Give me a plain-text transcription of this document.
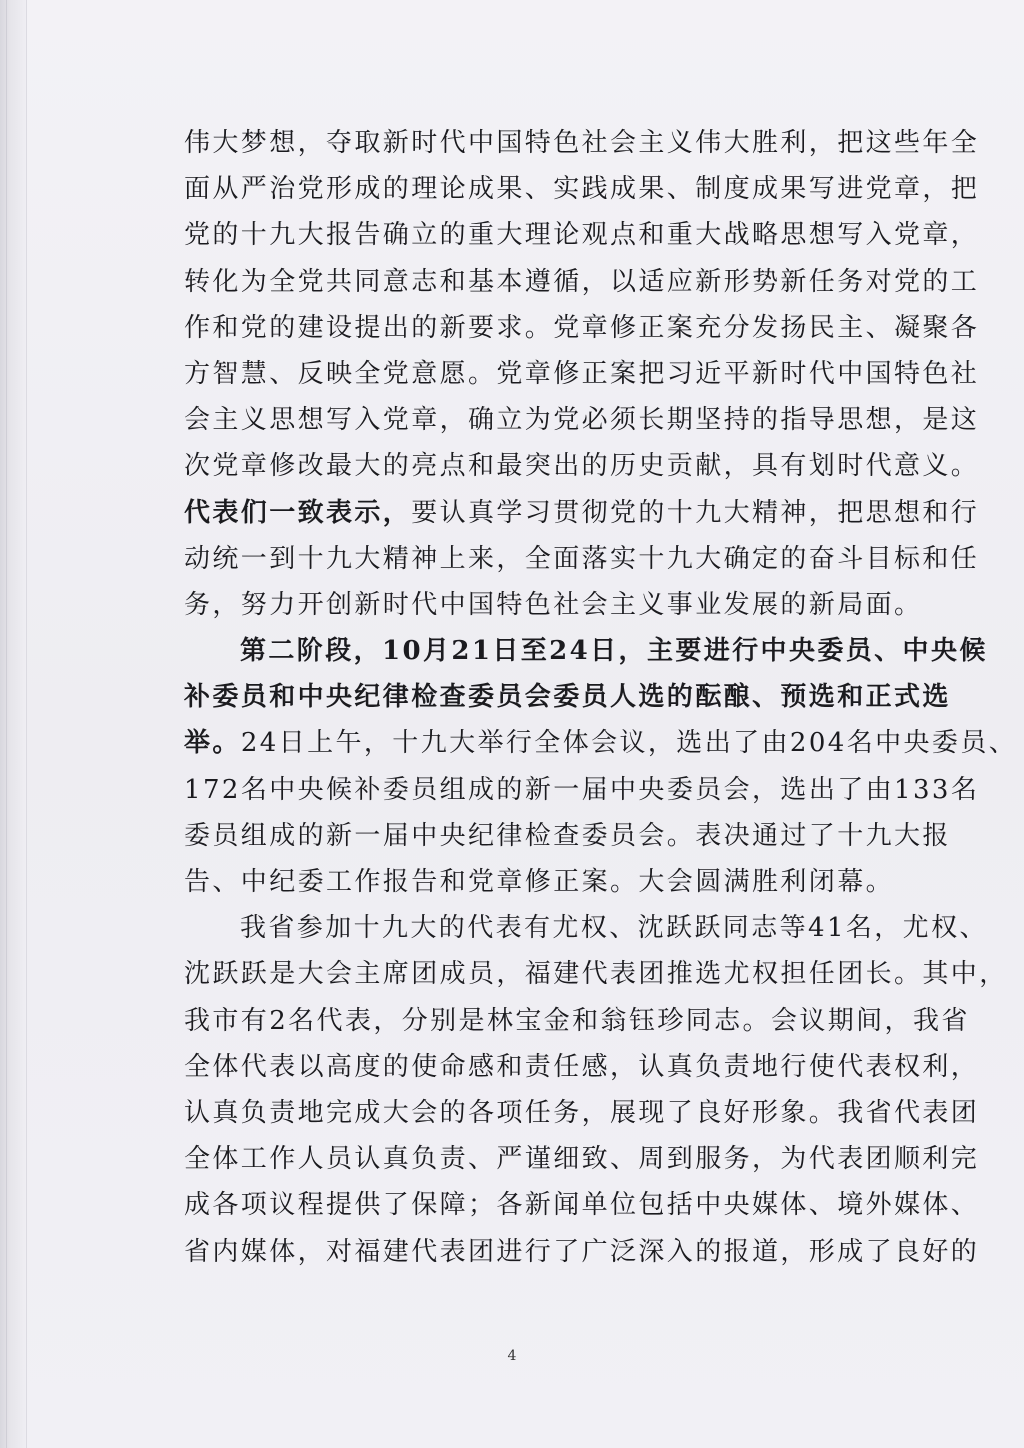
伟大梦想，夺取新时代中国特色社会主义伟大胜利，把这些年全
面从严治党形成的理论成果、实践成果、制度成果写进党章，把
党的十九大报告确立的重大理论观点和重大战略思想写入党章，
转化为全党共同意志和基本遵循，以适应新形势新任务对党的工
作和党的建设提出的新要求。党章修正案充分发扬民主、凝聚各
方智慧、反映全党意愿。党章修正案把习近平新时代中国特色社
会主义思想写入党章，确立为党必须长期坚持的指导思想，是这
次党章修改最大的亮点和最突出的历史贡献，具有划时代意义。
代表们一致表示，要认真学习贯彻党的十九大精神，把思想和行
动统一到十九大精神上来，全面落实十九大确定的奋斗目标和任
务，努力开创新时代中国特色社会主义事业发展的新局面。
第二阶段，10月21日至24日，主要进行中央委员、中央候
补委员和中央纪律检查委员会委员人选的酝酿、预选和正式选
举。24日上午，十九大举行全体会议，选出了由204名中央委员、
172名中央候补委员组成的新一届中央委员会，选出了由133名
委员组成的新一届中央纪律检查委员会。表决通过了十九大报
告、中纪委工作报告和党章修正案。大会圆满胜利闭幕。
我省参加十九大的代表有尤权、沈跃跃同志等41名，尤权、
沈跃跃是大会主席团成员，福建代表团推选尤权担任团长。其中，
我市有2名代表，分别是林宝金和翁钰珍同志。会议期间，我省
全体代表以高度的使命感和责任感，认真负责地行使代表权利，
认真负责地完成大会的各项任务，展现了良好形象。我省代表团
全体工作人员认真负责、严谨细致、周到服务，为代表团顺利完
成各项议程提供了保障；各新闻单位包括中央媒体、境外媒体、
省内媒体，对福建代表团进行了广泛深入的报道，形成了良好的
4
